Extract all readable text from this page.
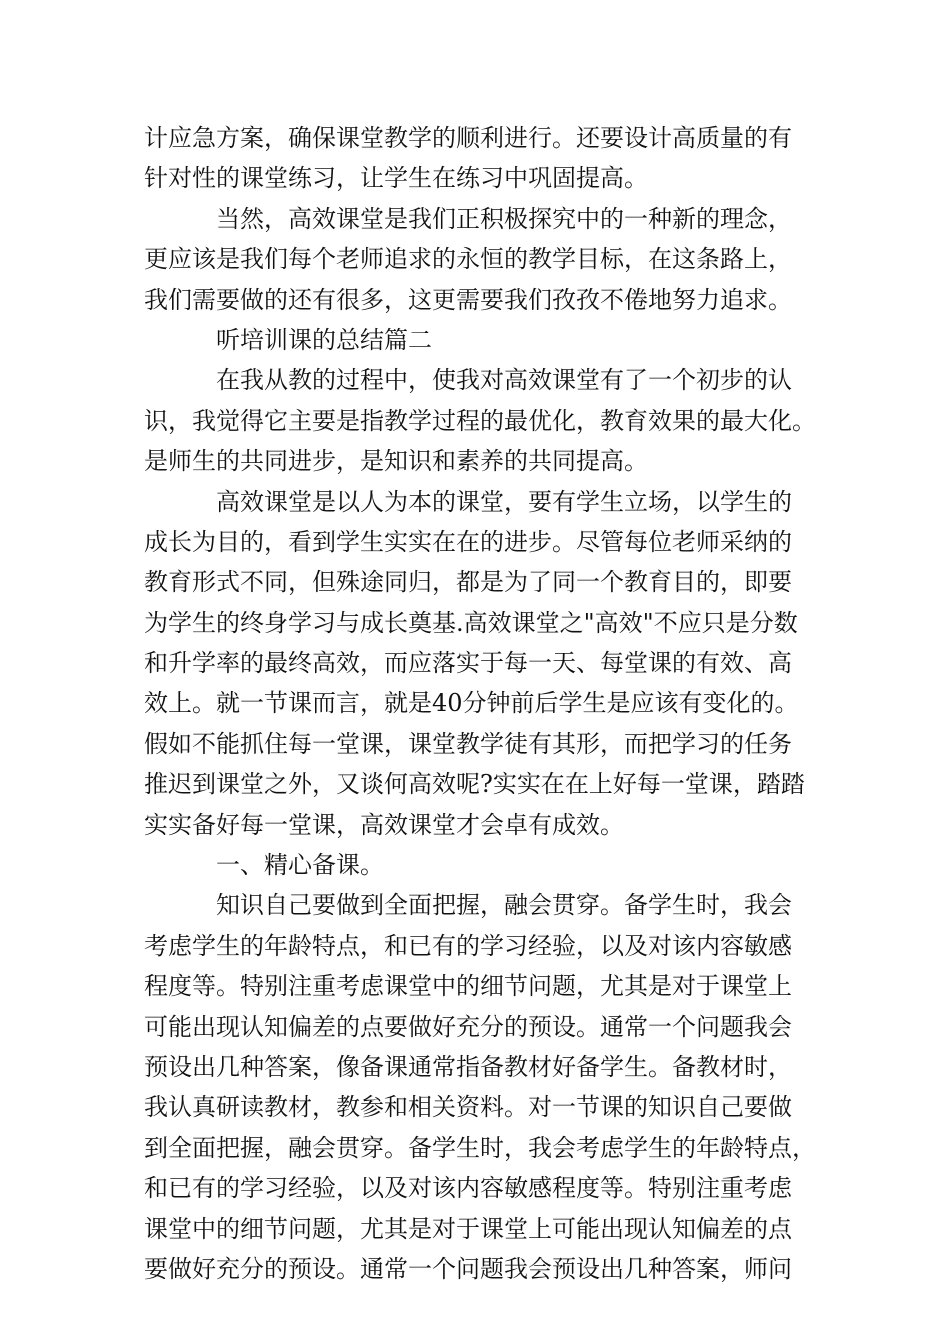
计应急方案，确保课堂教学的顺利进行。还要设计高质量的有
针对性的课堂练习，让学生在练习中巩固提高。
当然，高效课堂是我们正积极探究中的一种新的理念，
更应该是我们每个老师追求的永恒的教学目标，在这条路上，
我们需要做的还有很多，这更需要我们孜孜不倦地努力追求。
听培训课的总结篇二
在我从教的过程中，使我对高效课堂有了一个初步的认
识，我觉得它主要是指教学过程的最优化，教育效果的最大化。
是师生的共同进步，是知识和素养的共同提高。
高效课堂是以人为本的课堂，要有学生立场，以学生的
成长为目的，看到学生实实在在的进步。尽管每位老师采纳的
教育形式不同，但殊途同归，都是为了同一个教育目的，即要
为学生的终身学习与成长奠基.高效课堂之"高效"不应只是分数
和升学率的最终高效，而应落实于每一天、每堂课的有效、高
效上。就一节课而言，就是40分钟前后学生是应该有变化的。
假如不能抓住每一堂课，课堂教学徒有其形，而把学习的任务
推迟到课堂之外，又谈何高效呢?实实在在上好每一堂课，踏踏
实实备好每一堂课，高效课堂才会卓有成效。
一、精心备课。
知识自己要做到全面把握，融会贯穿。备学生时，我会
考虑学生的年龄特点，和已有的学习经验，以及对该内容敏感
程度等。特别注重考虑课堂中的细节问题，尤其是对于课堂上
可能出现认知偏差的点要做好充分的预设。通常一个问题我会
预设出几种答案，像备课通常指备教材好备学生。备教材时，
我认真研读教材，教参和相关资料。对一节课的知识自己要做
到全面把握，融会贯穿。备学生时，我会考虑学生的年龄特点，
和已有的学习经验，以及对该内容敏感程度等。特别注重考虑
课堂中的细节问题，尤其是对于课堂上可能出现认知偏差的点
要做好充分的预设。通常一个问题我会预设出几种答案，师问
